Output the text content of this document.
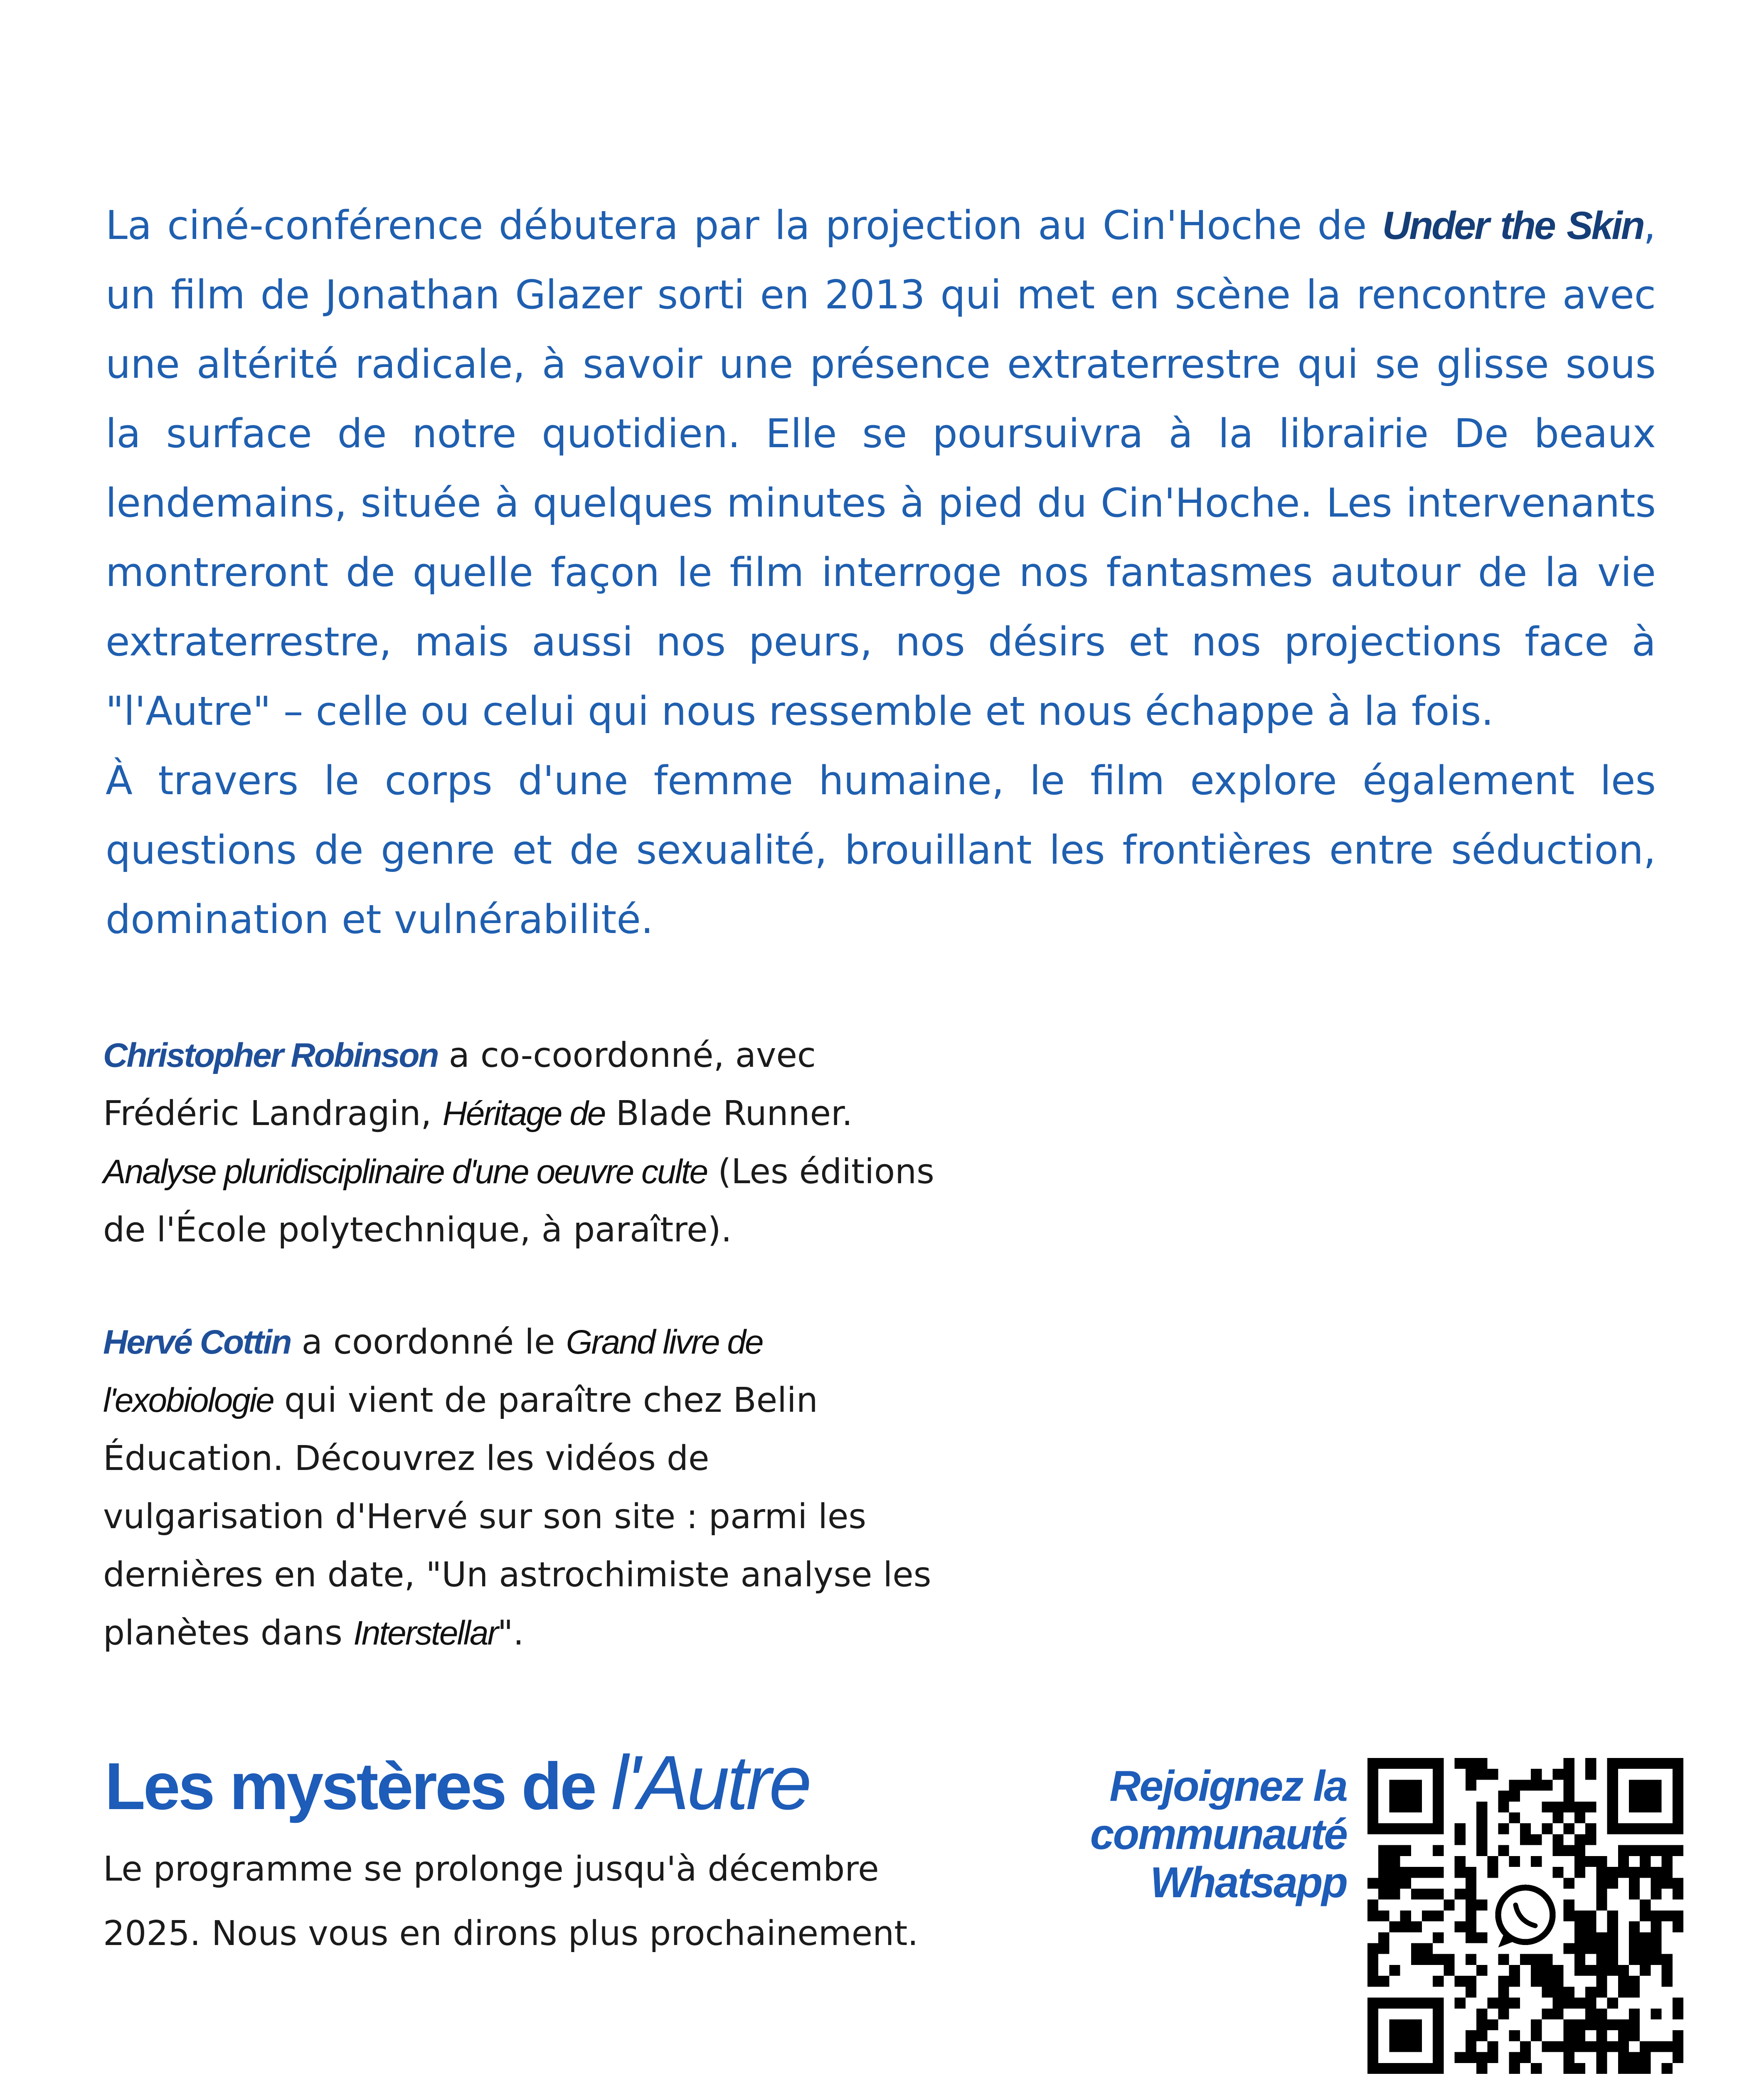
La ciné-conférence débutera par la projection au Cin'Hoche de Under the Skin, un film de Jonathan Glazer sorti en 2013 qui met en scène la rencontre avec une altérité radicale, à savoir une présence extraterrestre qui se glisse sous la surface de notre quotidien. Elle se poursuivra à la librairie De beaux lendemains, située à quelques minutes à pied du Cin'Hoche. Les intervenants montreront de quelle façon le film interroge nos fantasmes autour de la vie extraterrestre, mais aussi nos peurs, nos désirs et nos projections face à "l'Autre" – celle ou celui qui nous ressemble et nous échappe à la fois.

À travers le corps d'une femme humaine, le film explore également les questions de genre et de sexualité, brouillant les frontières entre séduction, domination et vulnérabilité.

Christopher Robinson a co-coordonné, avec Frédéric Landragin, Héritage de Blade Runner. Analyse pluridisciplinaire d'une oeuvre culte (Les éditions de l'École polytechnique, à paraître).

Hervé Cottin a coordonné le Grand livre de l'exobiologie qui vient de paraître chez Belin Éducation. Découvrez les vidéos de vulgarisation d'Hervé sur son site : parmi les dernières en date, "Un astrochimiste analyse les planètes dans Interstellar".

Les mystères de l'Autre

Le programme se prolonge jusqu'à décembre 2025. Nous vous en dirons plus prochainement.

Rejoignez la
communauté
Whatsapp
